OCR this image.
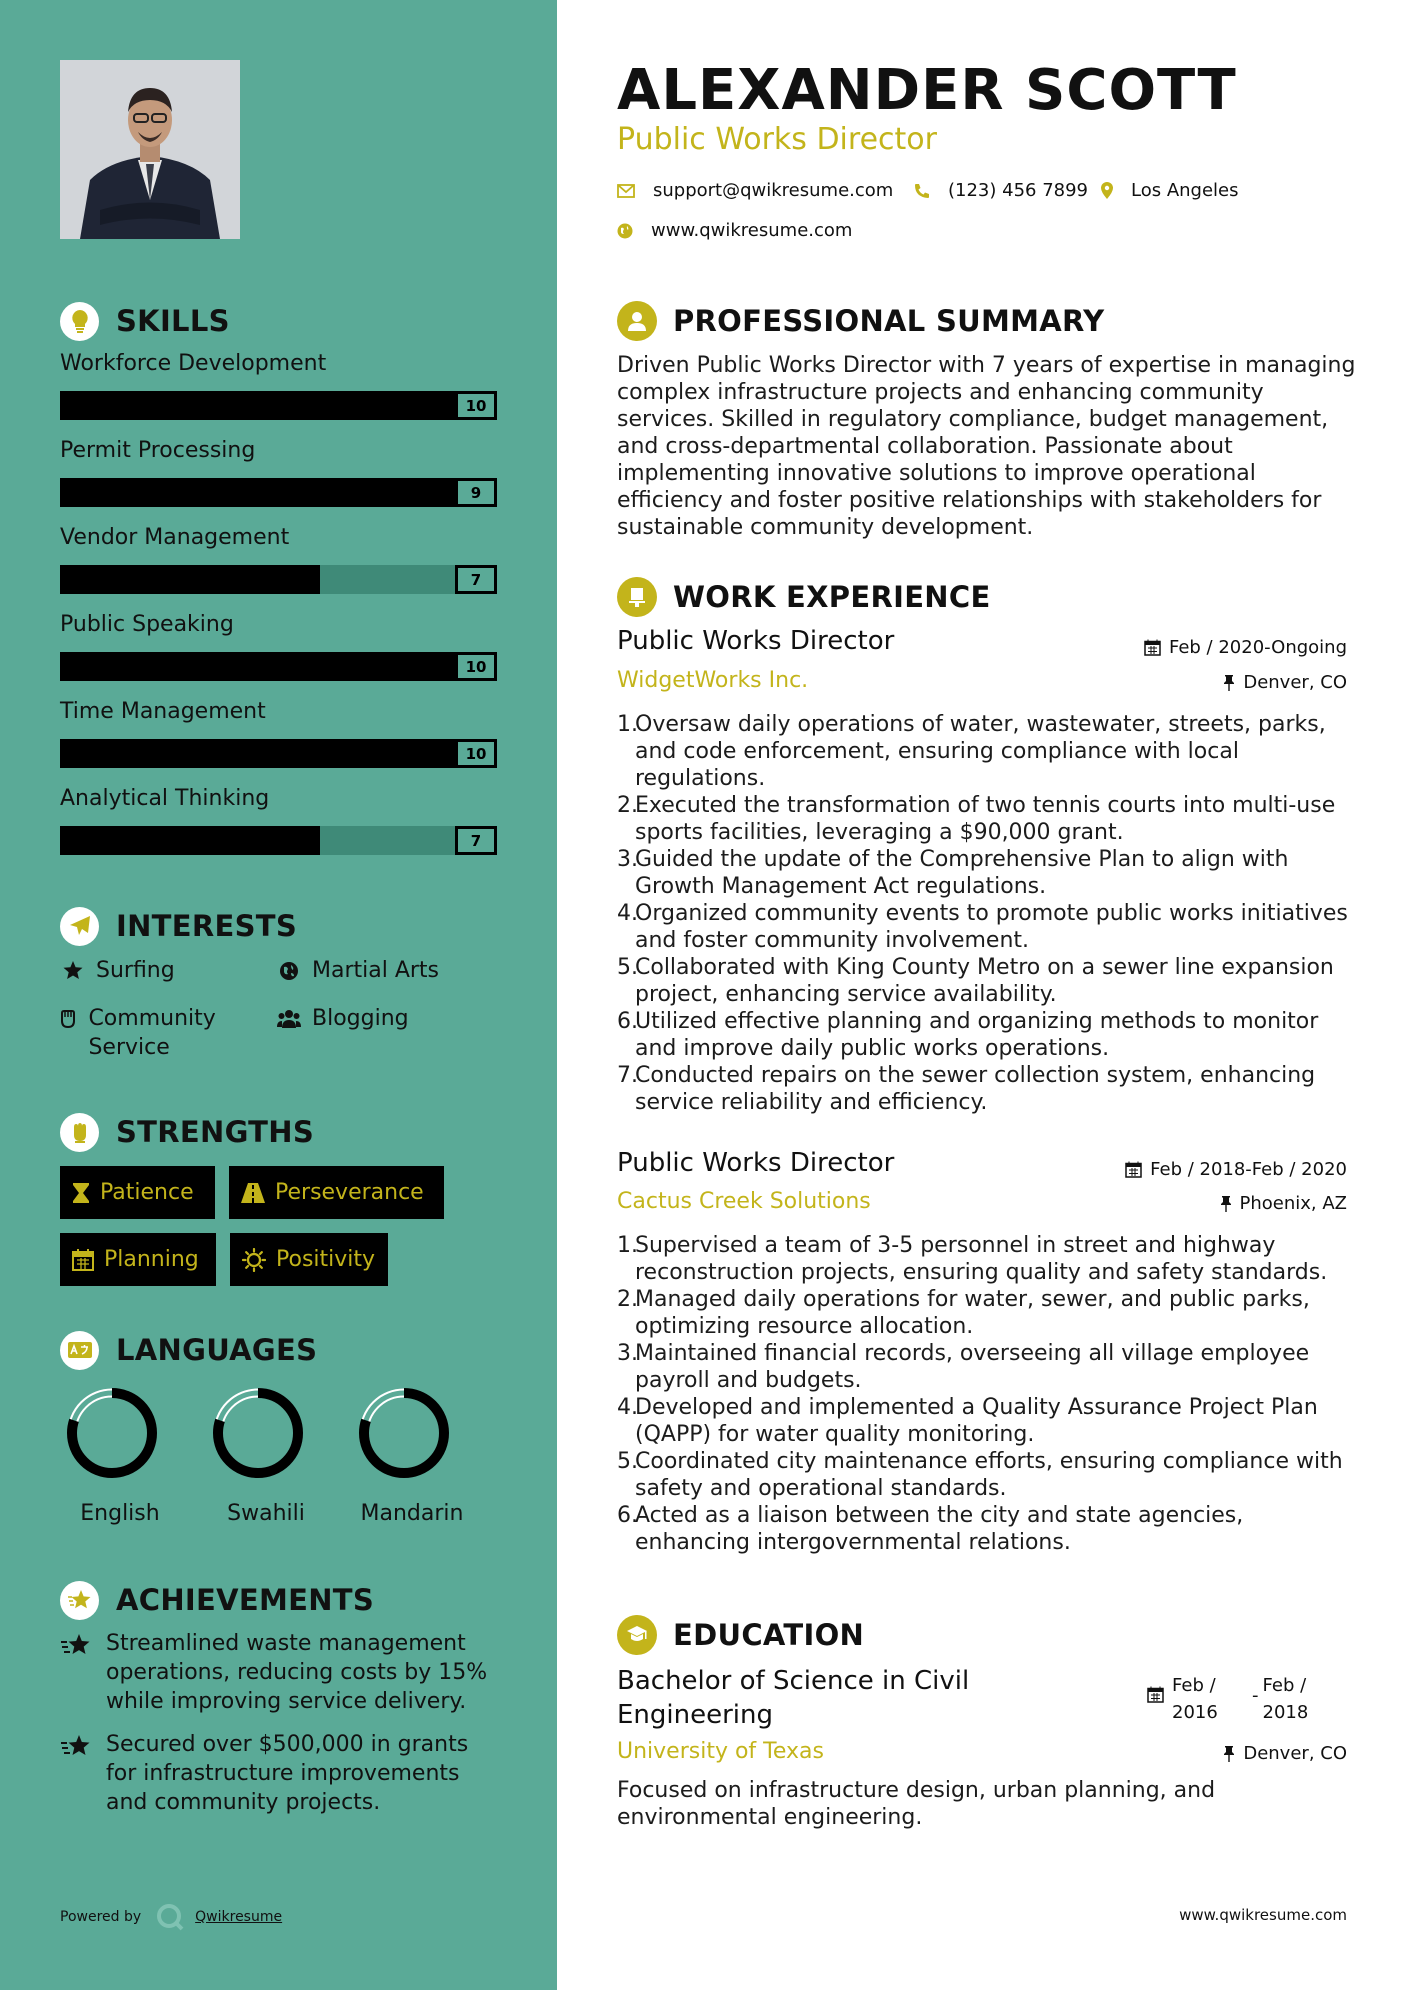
SKILLS
Workforce Development
10
Permit Processing
9
Vendor Management
7
Public Speaking
10
Time Management
10
Analytical Thinking
7
INTERESTS
Surfing	Martial Arts
Community Service
Blogging
STRENGTHS
Patience	Perseverance
Planning	Positivity
LANGUAGES
English	Swahili	Mandarin
ACHIEVEMENTS
Streamlined waste management operations, reducing costs by 15% while improving service delivery.
Secured over $500,000 in grants for infrastructure improvements and community projects.
Powered by	Qwikresume
ALEXANDER SCOTT
Public Works Director
support@qwikresume.com	(123) 456 7899 Los Angeles
www.qwikresume.com
PROFESSIONAL SUMMARY
Driven Public Works Director with 7 years of expertise in managing complex infrastructure projects and enhancing community services. Skilled in regulatory compliance, budget management, and cross-departmental collaboration. Passionate about implementing innovative solutions to improve operational efficiency and foster positive relationships with stakeholders for sustainable community development.
WORK EXPERIENCE
Public Works Director	Feb / 2020-Ongoing
WidgetWorks Inc.	Denver, CO
1.
Oversaw daily operations of water, wastewater, streets, parks, and code enforcement, ensuring compliance with local regulations.
2.
Executed the transformation of two tennis courts into multi-use sports facilities, leveraging a $90,000 grant.
3.
Guided the update of the Comprehensive Plan to align with Growth Management Act regulations.
4.
Organized community events to promote public works initiatives and foster community involvement.
5.
Collaborated with King County Metro on a sewer line expansion project, enhancing service availability.
6.
Utilized effective planning and organizing methods to monitor and improve daily public works operations.
7.
Conducted repairs on the sewer collection system, enhancing service reliability and efficiency.
Public Works Director	Feb / 2018-Feb / 2020
Cactus Creek Solutions	Phoenix, AZ
1.
Supervised a team of 3-5 personnel in street and highway reconstruction projects, ensuring quality and safety standards.
2.
Managed daily operations for water, sewer, and public parks, optimizing resource allocation.
3.
Maintained financial records, overseeing all village employee payroll and budgets.
4.
Developed and implemented a Quality Assurance Project Plan (QAPP) for water quality monitoring.
5.
Coordinated city maintenance efforts, ensuring compliance with safety and operational standards.
6.
Acted as a liaison between the city and state agencies, enhancing intergovernmental relations.
EDUCATION
Bachelor of Science in Civil Engineering
Feb / 2016
- Feb / 2018
University of Texas	Denver, CO
Focused on infrastructure design, urban planning, and environmental engineering.
www.qwikresume.com
